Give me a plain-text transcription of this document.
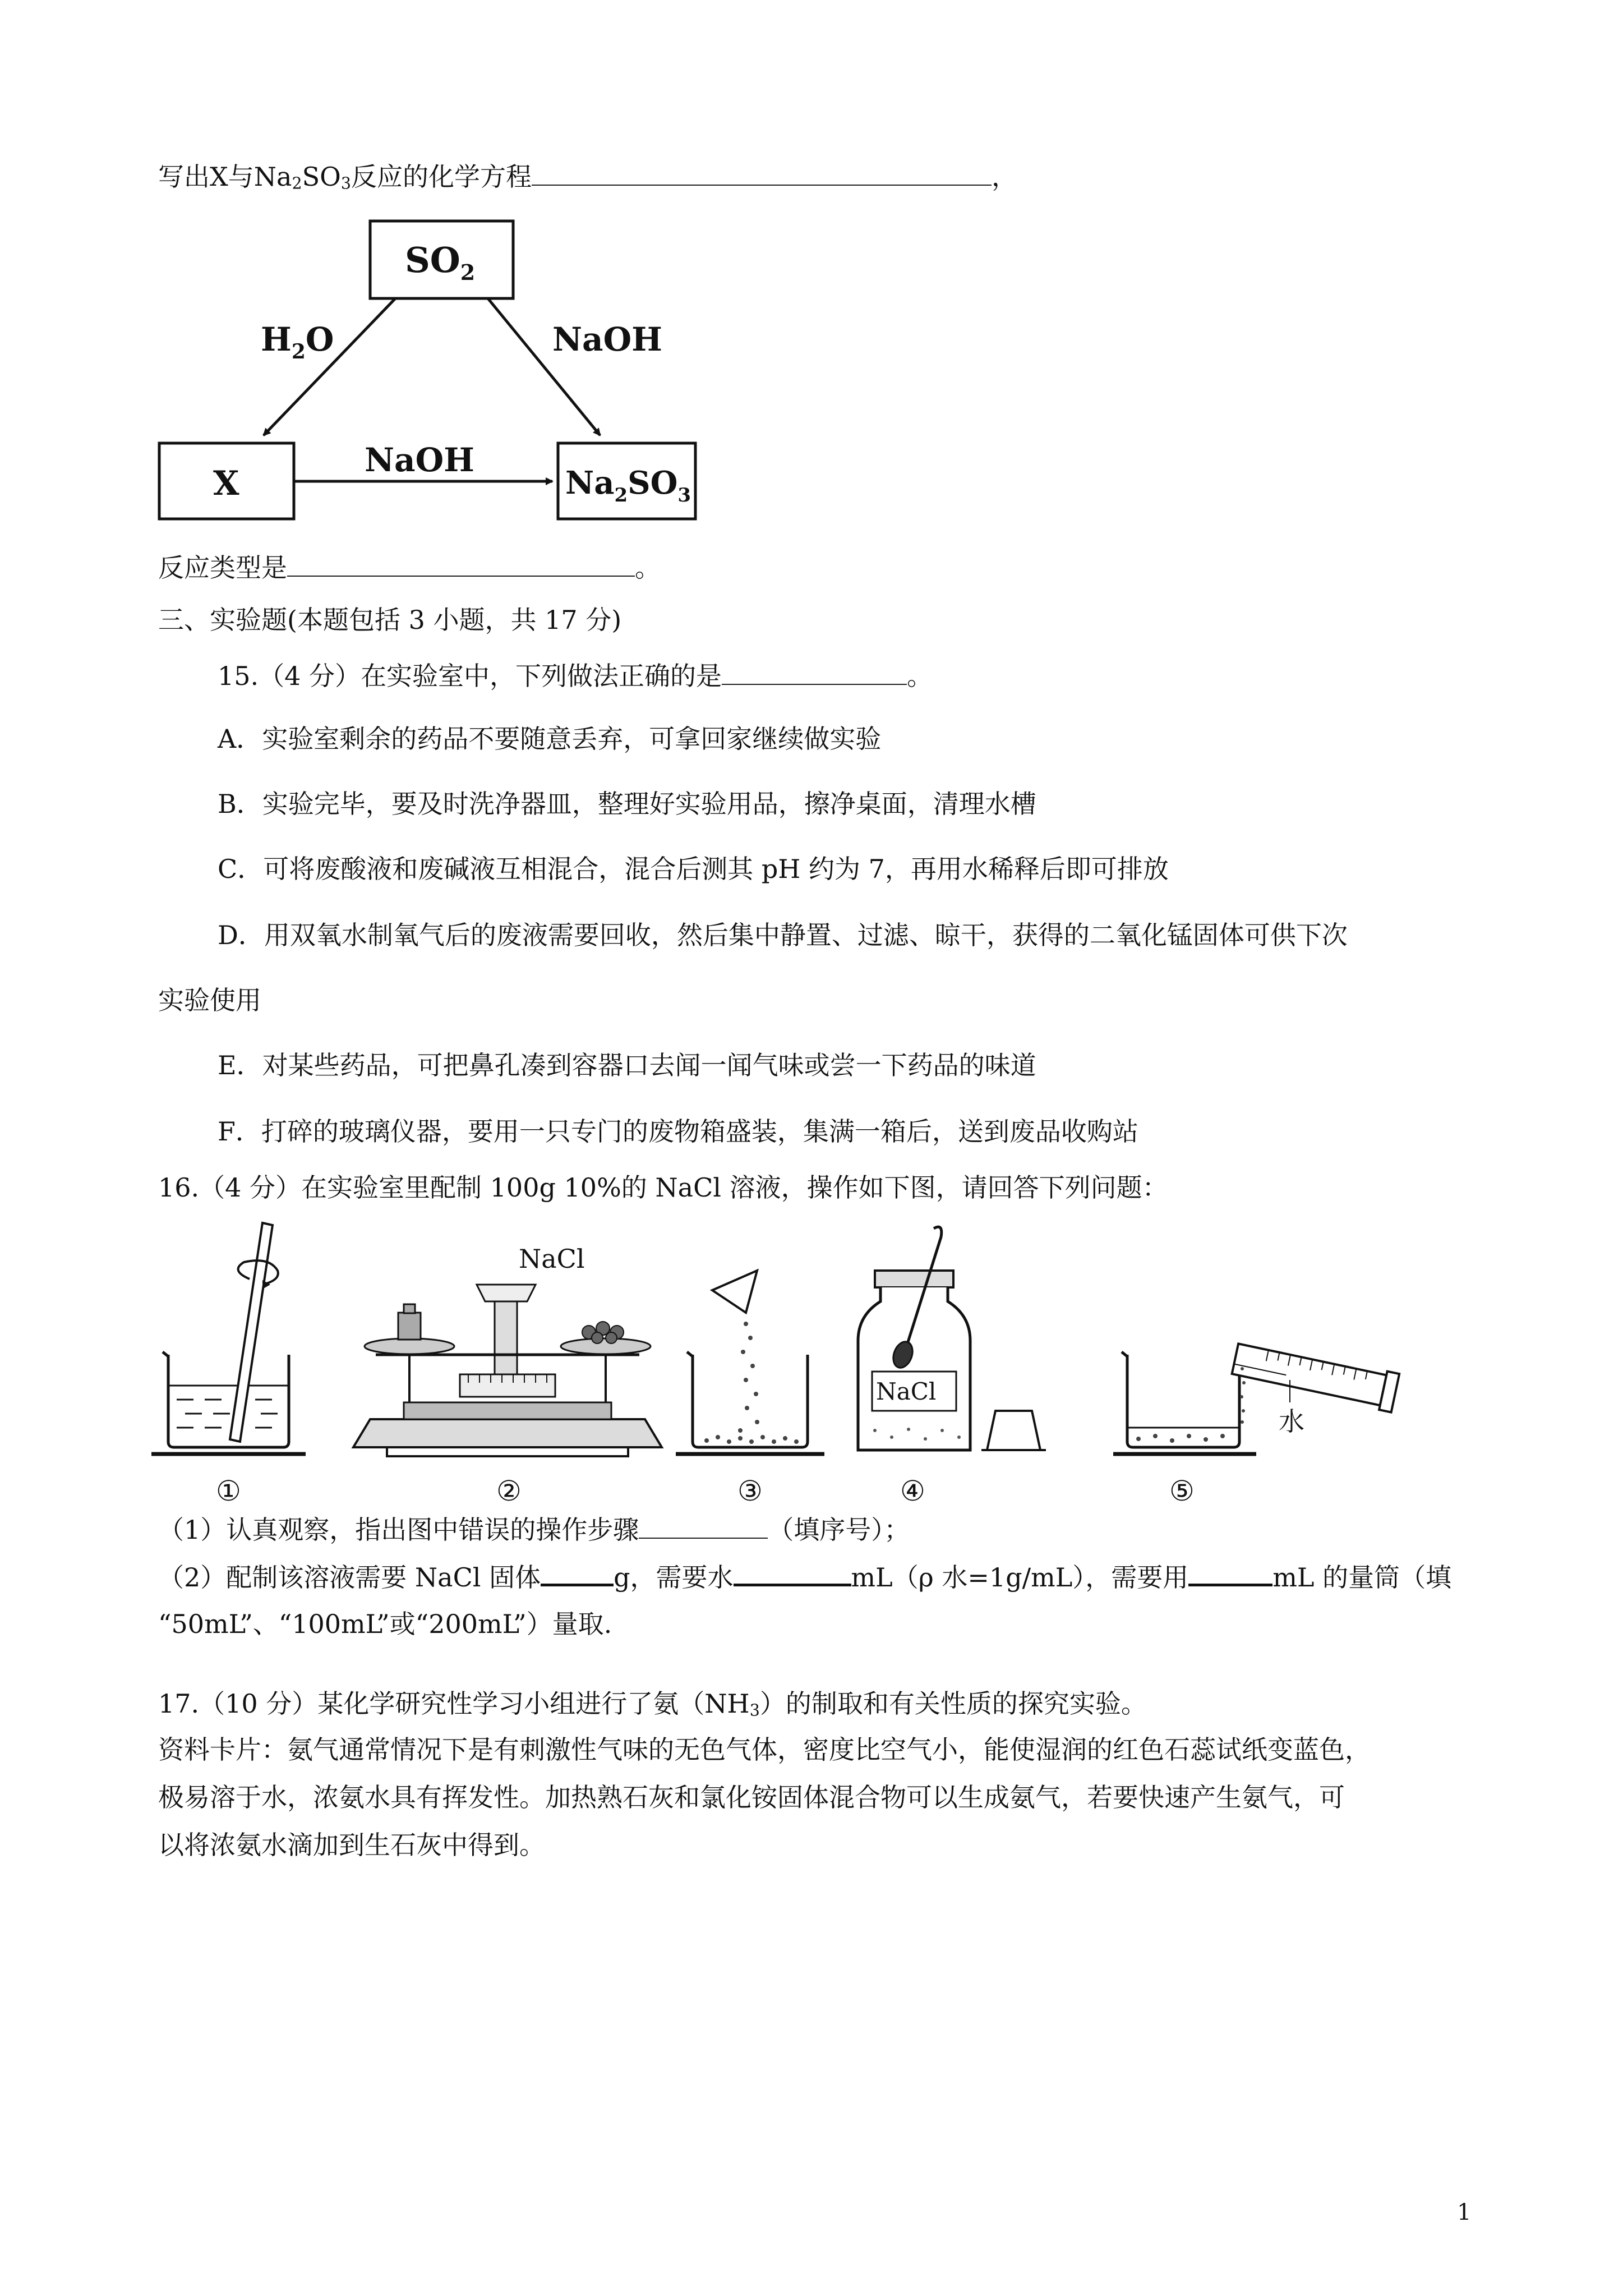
写出X与$Na_2SO_3$反应的化学方程	，
$SO_2$
$H_2O$	NaOH
NaOH
X	$Na_2SO_3$
反应类型是	。
三、实验题(本题包括 3 小题，共 17 分)
15.（4 分）在实验室中，下列做法正确的是	。
A．实验室剩余的药品不要随意丢弃，可拿回家继续做实验
B．实验完毕，要及时洗净器皿，整理好实验用品，擦净桌面，清理水槽
C．可将废酸液和废碱液互相混合，混合后测其 pH 约为 7，再用水稀释后即可排放
D．用双氧水制氧气后的废液需要回收，然后集中静置、过滤、晾干，获得的二氧化锰固体可供下次
实验使用
E．对某些药品，可把鼻孔凑到容器口去闻一闻气味或尝一下药品的味道
F．打碎的玻璃仪器，要用一只专门的废物箱盛装，集满一箱后，送到废品收购站
16.（4 分）在实验室里配制 100g 10%的 NaCl 溶液，操作如下图，请回答下列问题：
NaCl
NaCl
水
①	②	③	④	⑤
（1）认真观察，指出图中错误的操作步骤	（填序号）；
（2）配制该溶液需要 NaCl 固体	g，需要水	mL（ρ 水=1g/mL），需要用	mL 的量筒（填
“50mL”、“100mL”或“200mL”）量取.
17.（10 分）某化学研究性学习小组进行了氨$(NH_3)$的制取和有关性质的探究实验。
资料卡片：氨气通常情况下是有刺激性气味的无色气体，密度比空气小，能使湿润的红色石蕊试纸变蓝色，
极易溶于水，浓氨水具有挥发性。加热熟石灰和氯化铵固体混合物可以生成氨气，若要快速产生氨气，可
以将浓氨水滴加到生石灰中得到。
1
